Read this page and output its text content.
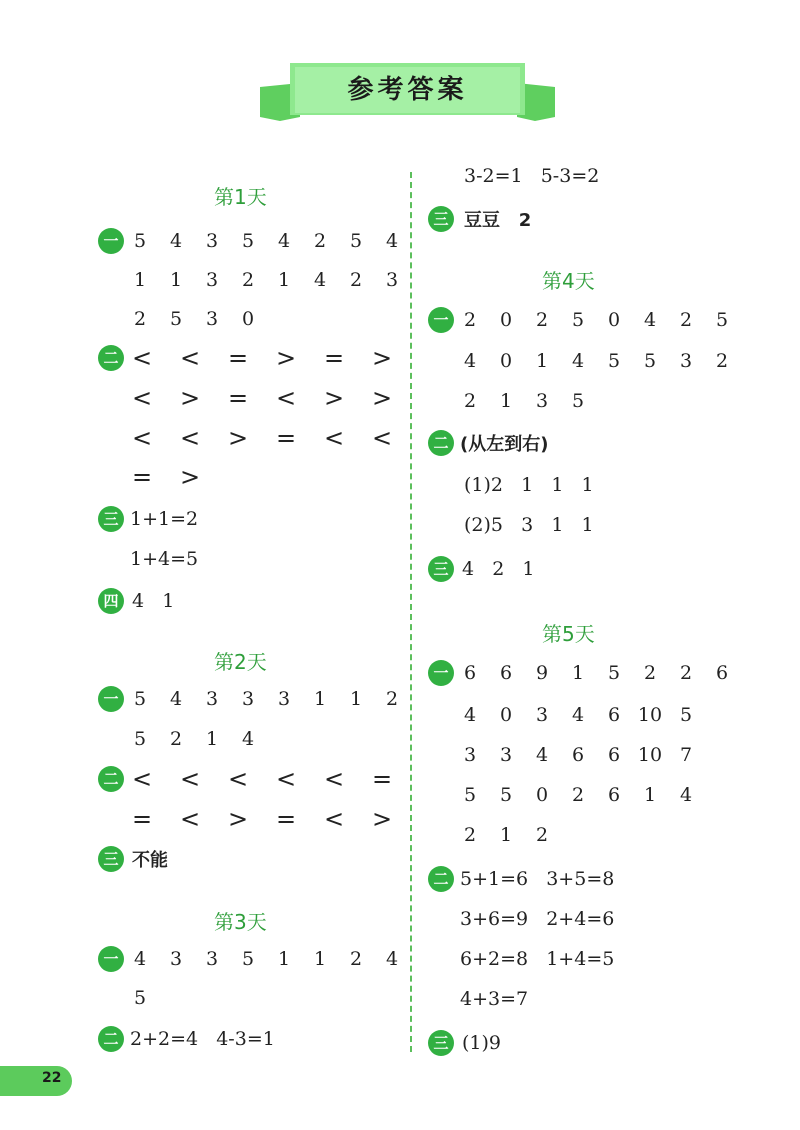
参考答案
第1天
一 5	4	3	5	4	2	5	4
1	1	3	2	1	4	2	3
2	5	3	0
二 <	<	=	>	=	>
<	>	=	<	>	>
<	<	>	=	<	<
=	>
三 1+1=2
1+4=5
四 4   1
第2天
一 5	4	3	3	3	1	1	2
5	2	1	4
二 <	<	<	<	<	=
=	<	>	=	<	>
三 不能
第3天
一 4	3	3	5	1	1	2	4
5
二 2+2=4   4-3=1
3-2=1   5-3=2
三 豆豆   2
第4天
一 2	0	2	5	0	4	2	5
4	0	1	4	5	5	3	2
2	1	3	5
二 (从左到右)
(1)2   1   1   1
(2)5   3   1   1
三 4   2   1
第5天
一 6	6	9	1	5	2	2	6
4	0	3	4	6 10 5
3	3	4	6	6 10 7
5	5	0	2	6	1	4
2	1	2
二 5+1=6   3+5=8
3+6=9   2+4=6
6+2=8   1+4=5
4+3=7
三 (1)9
22
